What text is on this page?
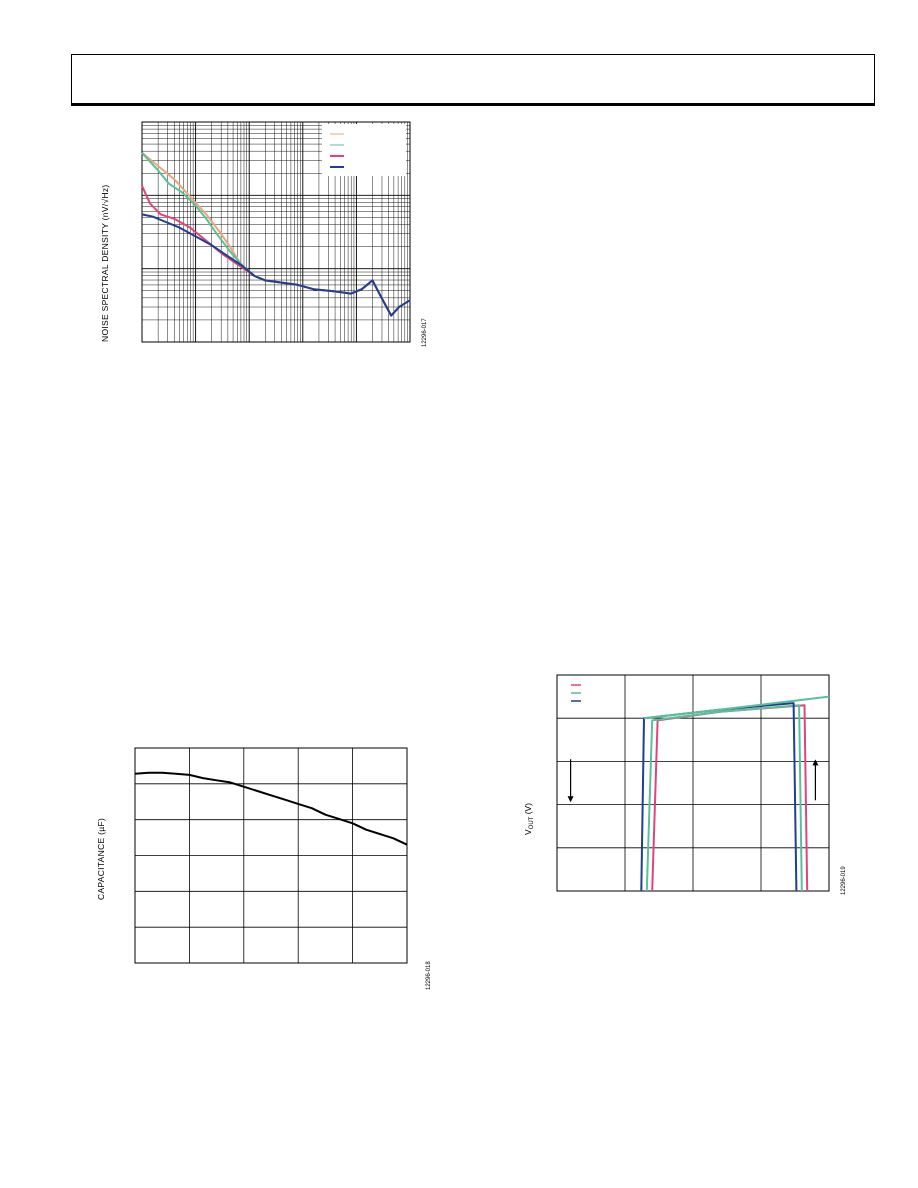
NOISE SPECTRAL DENSITY (nV/√Hz)	12296-017
CAPACITANCE (µF)
12296-018
$V_{OUT}$ (V)
12296-019
